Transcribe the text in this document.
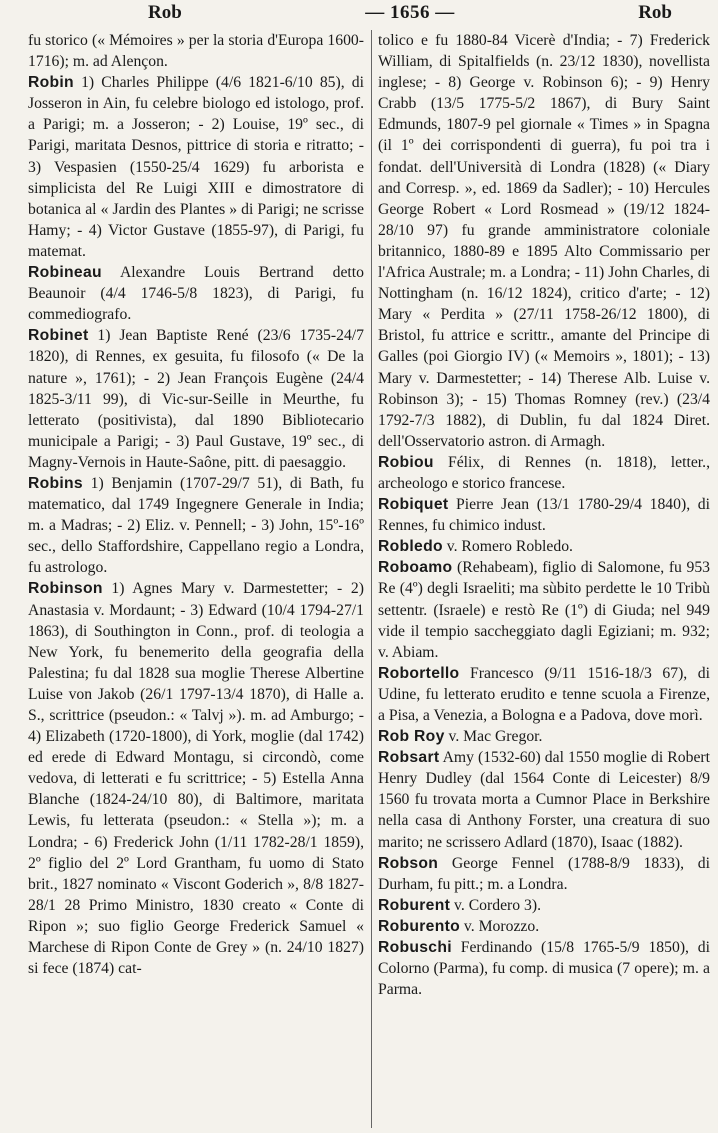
Rob	— 1656 —	Rob

fu storico (« Mémoires » per la storia d'Europa 1600-1716); m. ad Alençon.

Robin 1) Charles Philippe (4/6 1821-6/10 85), di Josseron in Ain, fu celebre biologo ed istologo, prof. a Parigi; m. a Josseron; - 2) Louise, 19º sec., di Parigi, maritata Desnos, pittrice di storia e ritratto; - 3) Vespasien (1550-25/4 1629) fu arborista e simplicista del Re Luigi XIII e dimostratore di botanica al « Jardin des Plantes » di Parigi; ne scrisse Hamy; - 4) Victor Gustave (1855-97), di Parigi, fu matemat.

Robineau Alexandre Louis Bertrand detto Beaunoir (4/4 1746-5/8 1823), di Parigi, fu commediografo.

Robinet 1) Jean Baptiste René (23/6 1735-24/7 1820), di Rennes, ex gesuita, fu filosofo (« De la nature », 1761); - 2) Jean François Eugène (24/4 1825-3/11 99), di Vic-sur-Seille in Meurthe, fu letterato (positivista), dal 1890 Bibliotecario municipale a Parigi; - 3) Paul Gustave, 19º sec., di Magny-Vernois in Haute-Saône, pitt. di paesaggio.

Robins 1) Benjamin (1707-29/7 51), di Bath, fu matematico, dal 1749 Ingegnere Generale in India; m. a Madras; - 2) Eliz. v. Pennell; - 3) John, 15º-16º sec., dello Staffordshire, Cappellano regio a Londra, fu astrologo.

Robinson 1) Agnes Mary v. Darmestetter; - 2) Anastasia v. Mordaunt; - 3) Edward (10/4 1794-27/1 1863), di Southington in Conn., prof. di teologia a New York, fu benemerito della geografia della Palestina; fu dal 1828 sua moglie Therese Albertine Luise von Jakob (26/1 1797-13/4 1870), di Halle a. S., scrittrice (pseudon.: « Talvj »). m. ad Amburgo; - 4) Elizabeth (1720-1800), di York, moglie (dal 1742) ed erede di Edward Montagu, si circondò, come vedova, di letterati e fu scrittrice; - 5) Estella Anna Blanche (1824-24/10 80), di Baltimore, maritata Lewis, fu letterata (pseudon.: « Stella »); m. a Londra; - 6) Frederick John (1/11 1782-28/1 1859), 2º figlio del 2º Lord Grantham, fu uomo di Stato brit., 1827 nominato « Viscont Goderich », 8/8 1827-28/1 28 Primo Ministro, 1830 creato « Conte di Ripon »; suo figlio George Frederick Samuel « Marchese di Ripon Conte de Grey » (n. 24/10 1827) si fece (1874) cat-

tolico e fu 1880-84 Vicerè d'India; - 7) Frederick William, di Spitalfields (n. 23/12 1830), novellista inglese; - 8) George v. Robinson 6); - 9) Henry Crabb (13/5 1775-5/2 1867), di Bury Saint Edmunds, 1807-9 pel giornale « Times » in Spagna (il 1º dei corrispondenti di guerra), fu poi tra i fondat. dell'Università di Londra (1828) (« Diary and Corresp. », ed. 1869 da Sadler); - 10) Hercules George Robert « Lord Rosmead » (19/12 1824-28/10 97) fu grande amministratore coloniale britannico, 1880-89 e 1895 Alto Commissario per l'Africa Australe; m. a Londra; - 11) John Charles, di Nottingham (n. 16/12 1824), critico d'arte; - 12) Mary « Perdita » (27/11 1758-26/12 1800), di Bristol, fu attrice e scrittr., amante del Principe di Galles (poi Giorgio IV) (« Memoirs », 1801); - 13) Mary v. Darmestetter; - 14) Therese Alb. Luise v. Robinson 3); - 15) Thomas Romney (rev.) (23/4 1792-7/3 1882), di Dublin, fu dal 1824 Diret. dell'Osservatorio astron. di Armagh.

Robiou Félix, di Rennes (n. 1818), letter., archeologo e storico francese.

Robiquet Pierre Jean (13/1 1780-29/4 1840), di Rennes, fu chimico indust.

Robledo v. Romero Robledo.

Roboamo (Rehabeam), figlio di Salomone, fu 953 Re (4º) degli Israeliti; ma sùbito perdette le 10 Tribù settentr. (Israele) e restò Re (1º) di Giuda; nel 949 vide il tempio saccheggiato dagli Egiziani; m. 932; v. Abiam.

Robortello Francesco (9/11 1516-18/3 67), di Udine, fu letterato erudito e tenne scuola a Firenze, a Pisa, a Venezia, a Bologna e a Padova, dove morì.

Rob Roy v. Mac Gregor.

Robsart Amy (1532-60) dal 1550 moglie di Robert Henry Dudley (dal 1564 Conte di Leicester) 8/9 1560 fu trovata morta a Cumnor Place in Berkshire nella casa di Anthony Forster, una creatura di suo marito; ne scrissero Adlard (1870), Isaac (1882).

Robson George Fennel (1788-8/9 1833), di Durham, fu pitt.; m. a Londra.

Roburent v. Cordero 3).

Roburento v. Morozzo.

Robuschi Ferdinando (15/8 1765-5/9 1850), di Colorno (Parma), fu comp. di musica (7 opere); m. a Parma.
